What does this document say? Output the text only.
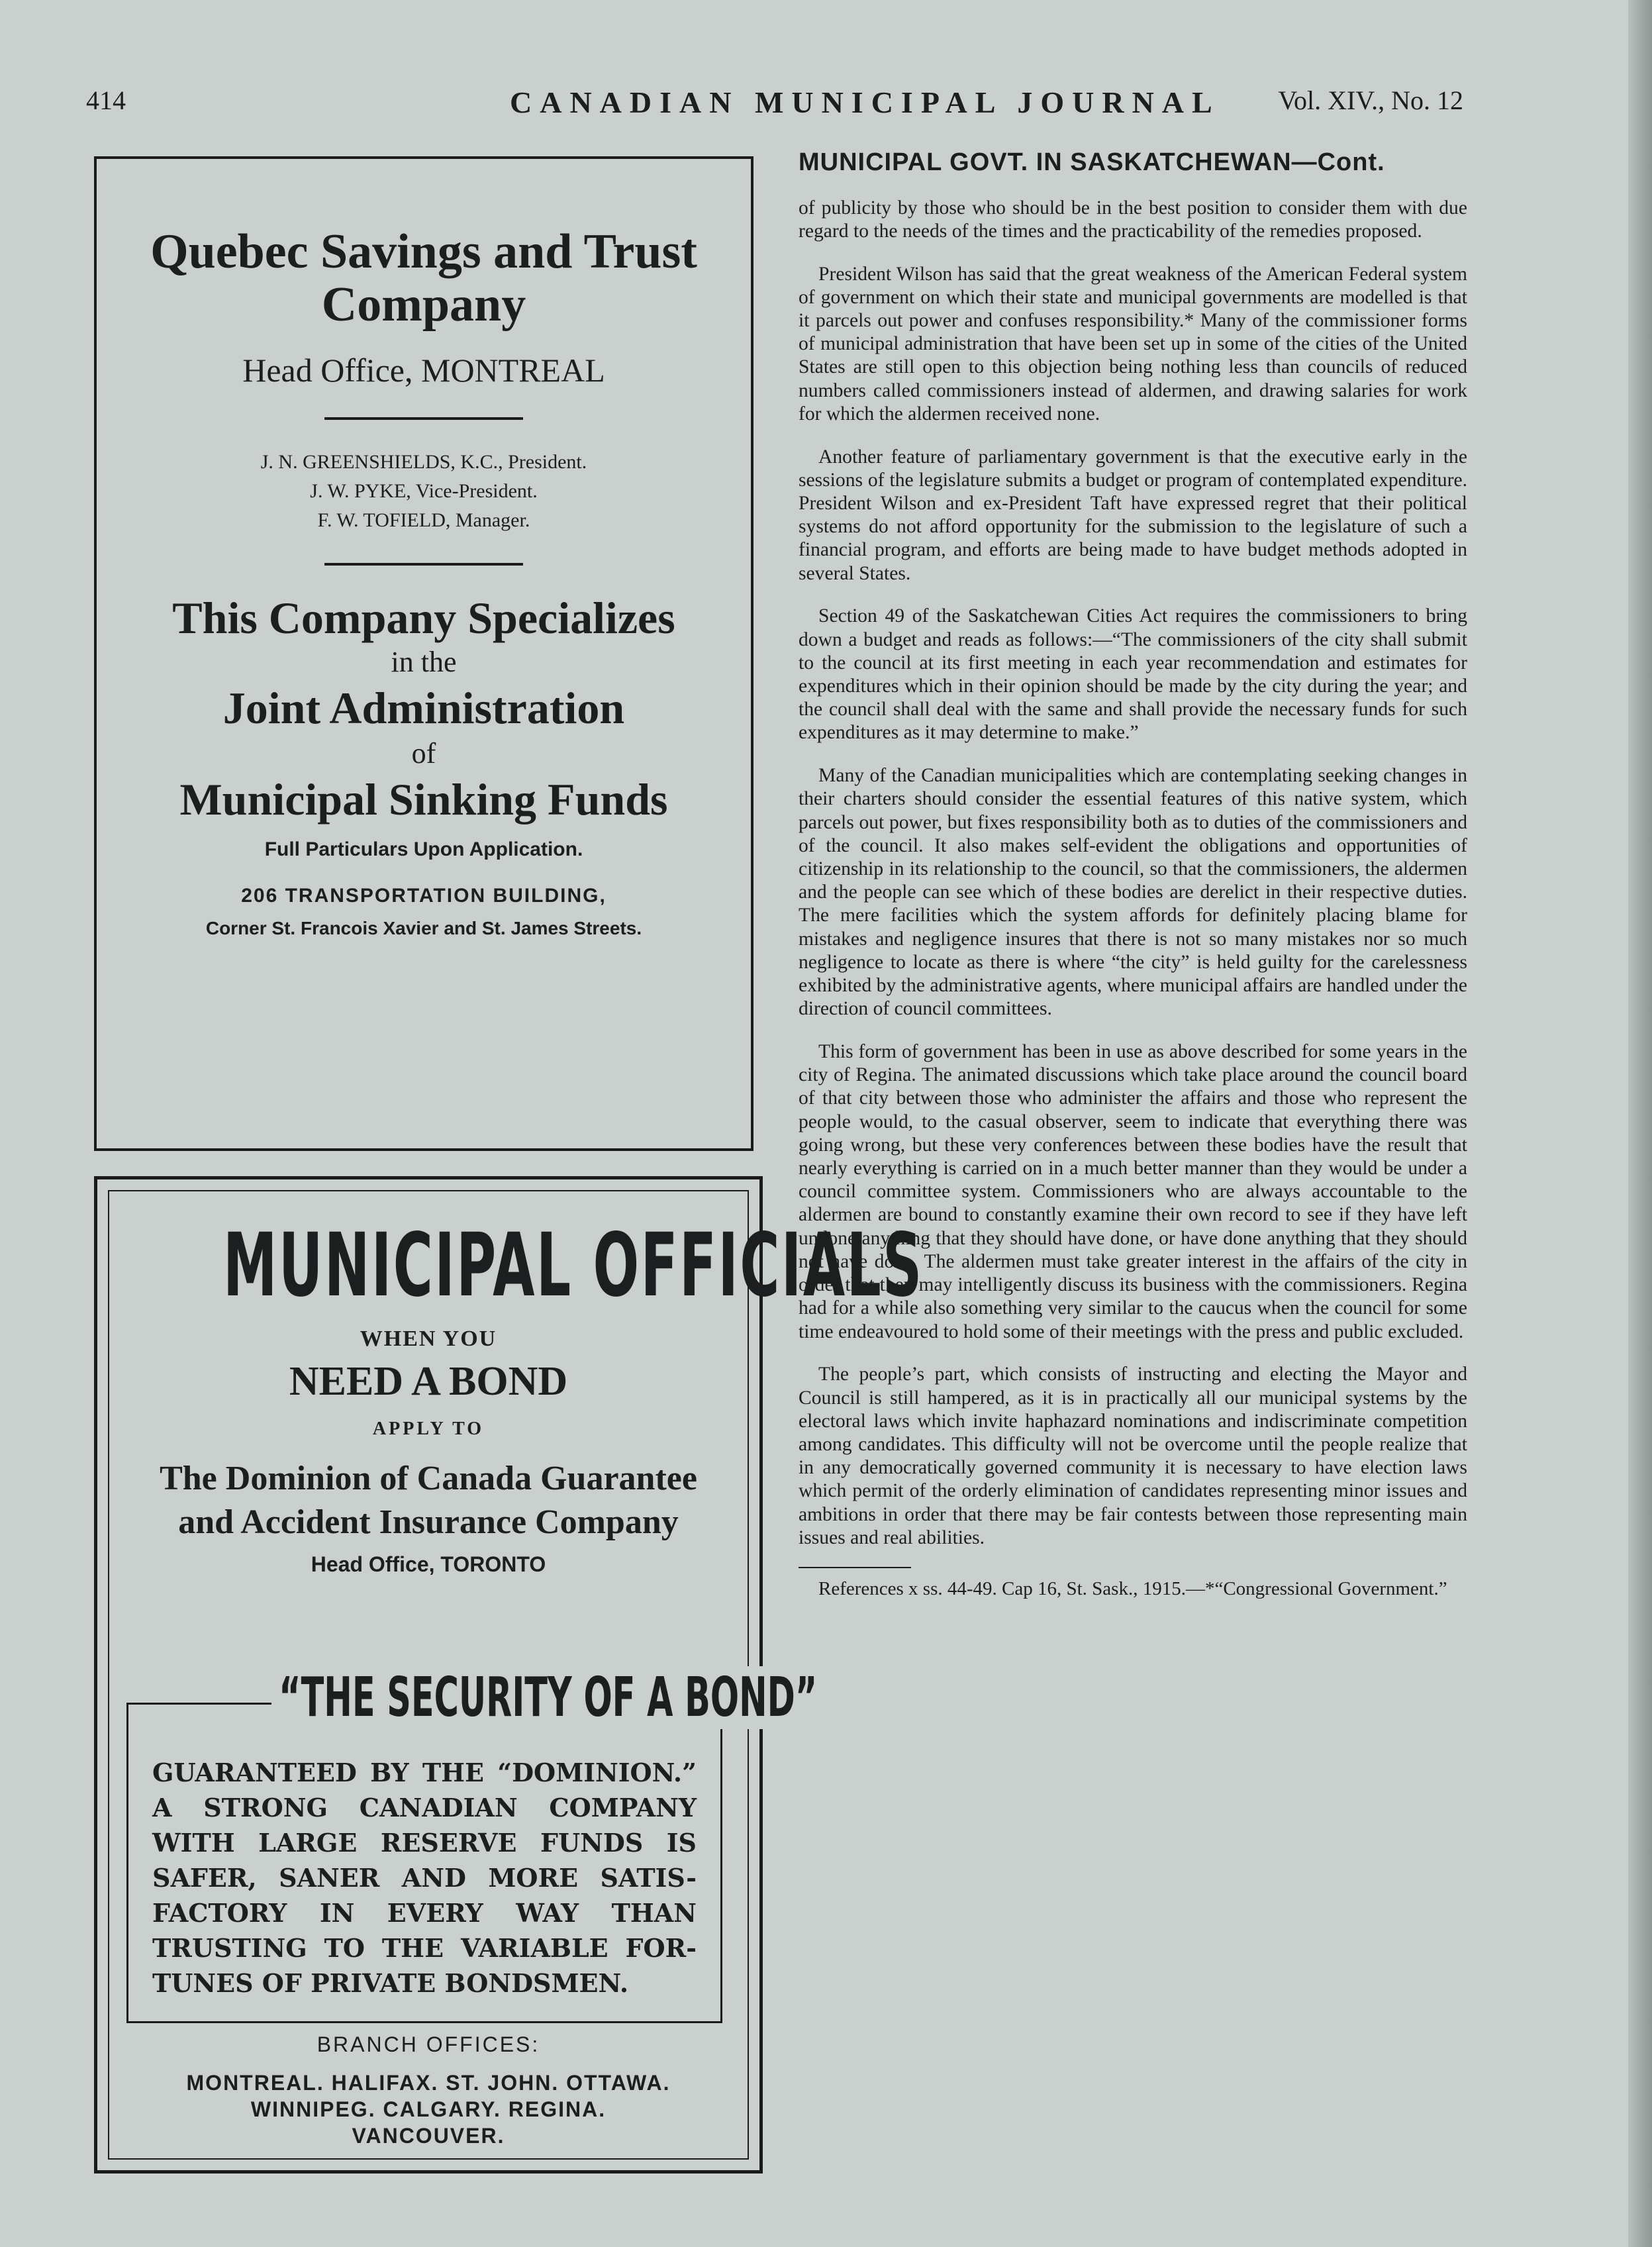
414	CANADIAN MUNICIPAL JOURNAL Vol. XIV., No. 12
Quebec Savings and Trust Company
Head Office, MONTREAL
J. N. GREENSHIELDS, K.C., President.
J. W. PYKE, Vice-President.
F. W. TOFIELD, Manager.
This Company Specializes
in the
Joint Administration
of
Municipal Sinking Funds
Full Particulars Upon Application.
206 TRANSPORTATION BUILDING,
Corner St. Francois Xavier and St. James Streets.
MUNICIPAL OFFICIALS
WHEN YOU
NEED A BOND
APPLY TO
The Dominion of Canada Guarantee
and Accident Insurance Company
Head Office, TORONTO
“THE SECURITY OF A BOND”
GUARANTEED BY THE “DOMINION.”
A STRONG CANADIAN COMPANY
WITH LARGE RESERVE FUNDS IS
SAFER, SANER AND MORE SATIS-
FACTORY IN EVERY WAY THAN
TRUSTING TO THE VARIABLE FOR-
TUNES OF PRIVATE BONDSMEN.
BRANCH OFFICES:
MONTREAL. HALIFAX. ST. JOHN. OTTAWA.
WINNIPEG. CALGARY. REGINA.
VANCOUVER.
MUNICIPAL GOVT. IN SASKATCHEWAN—Cont.

of publicity by those who should be in the best position to consider them with due regard to the needs of the times and the practicability of the remedies proposed.

President Wilson has said that the great weakness of the American Federal system of government on which their state and municipal governments are modelled is that it parcels out power and confuses responsibility.* Many of the commissioner forms of municipal administration that have been set up in some of the cities of the United States are still open to this objection being nothing less than councils of reduced numbers called commissioners instead of aldermen, and drawing salaries for work for which the aldermen received none.

Another feature of parliamentary government is that the executive early in the sessions of the legislature submits a budget or program of contemplated expenditure. President Wilson and ex-President Taft have expressed regret that their political systems do not afford opportunity for the submission to the legislature of such a financial program, and efforts are being made to have budget methods adopted in several States.

Section 49 of the Saskatchewan Cities Act requires the commissioners to bring down a budget and reads as follows:—“The commissioners of the city shall submit to the council at its first meeting in each year recommendation and estimates for expenditures which in their opinion should be made by the city during the year; and the council shall deal with the same and shall provide the necessary funds for such expenditures as it may determine to make.”

Many of the Canadian municipalities which are contemplating seeking changes in their charters should consider the essential features of this native system, which parcels out power, but fixes responsibility both as to duties of the commissioners and of the council. It also makes self-evident the obligations and opportunities of citizenship in its relationship to the council, so that the commissioners, the aldermen and the people can see which of these bodies are derelict in their respective duties. The mere facilities which the system affords for definitely placing blame for mistakes and negligence insures that there is not so many mistakes nor so much negligence to locate as there is where “the city” is held guilty for the carelessness exhibited by the administrative agents, where municipal affairs are handled under the direction of council committees.

This form of government has been in use as above described for some years in the city of Regina. The animated discussions which take place around the council board of that city between those who administer the affairs and those who represent the people would, to the casual observer, seem to indicate that everything there was going wrong, but these very conferences between these bodies have the result that nearly everything is carried on in a much better manner than they would be under a council committee system. Commissioners who are always accountable to the aldermen are bound to constantly examine their own record to see if they have left undone anything that they should have done, or have done anything that they should not have done. The aldermen must take greater interest in the affairs of the city in order that they may intelligently discuss its business with the commissioners. Regina had for a while also something very similar to the caucus when the council for some time endeavoured to hold some of their meetings with the press and public excluded.

The people’s part, which consists of instructing and electing the Mayor and Council is still hampered, as it is in practically all our municipal systems by the electoral laws which invite haphazard nominations and indiscriminate competition among candidates. This difficulty will not be overcome until the people realize that in any democratically governed community it is necessary to have election laws which permit of the orderly elimination of candidates representing minor issues and ambitions in order that there may be fair contests between those representing main issues and real abilities.

References x ss. 44-49. Cap 16, St. Sask., 1915.—*“Congressional Government.”
